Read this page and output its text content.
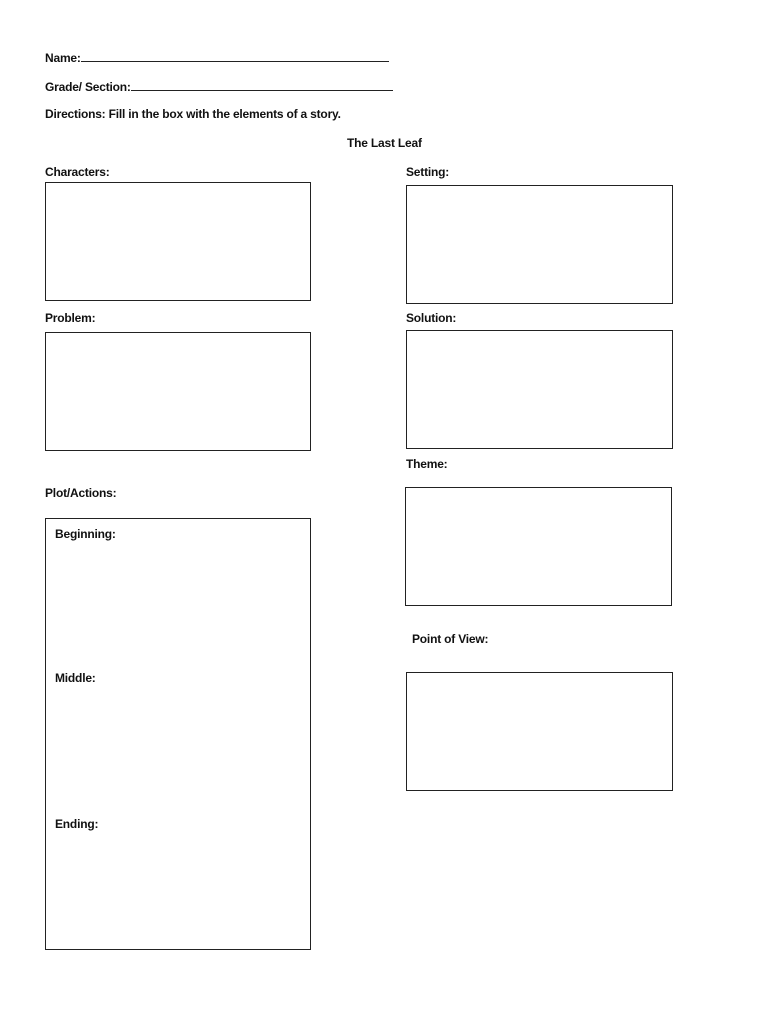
Name:
Grade/ Section:
Directions: Fill in the box with the elements of a story.
The Last Leaf
Characters:	Setting:
Problem:	Solution:
Theme:
Plot/Actions:
Beginning:
Middle:
Ending:
Point of View:
